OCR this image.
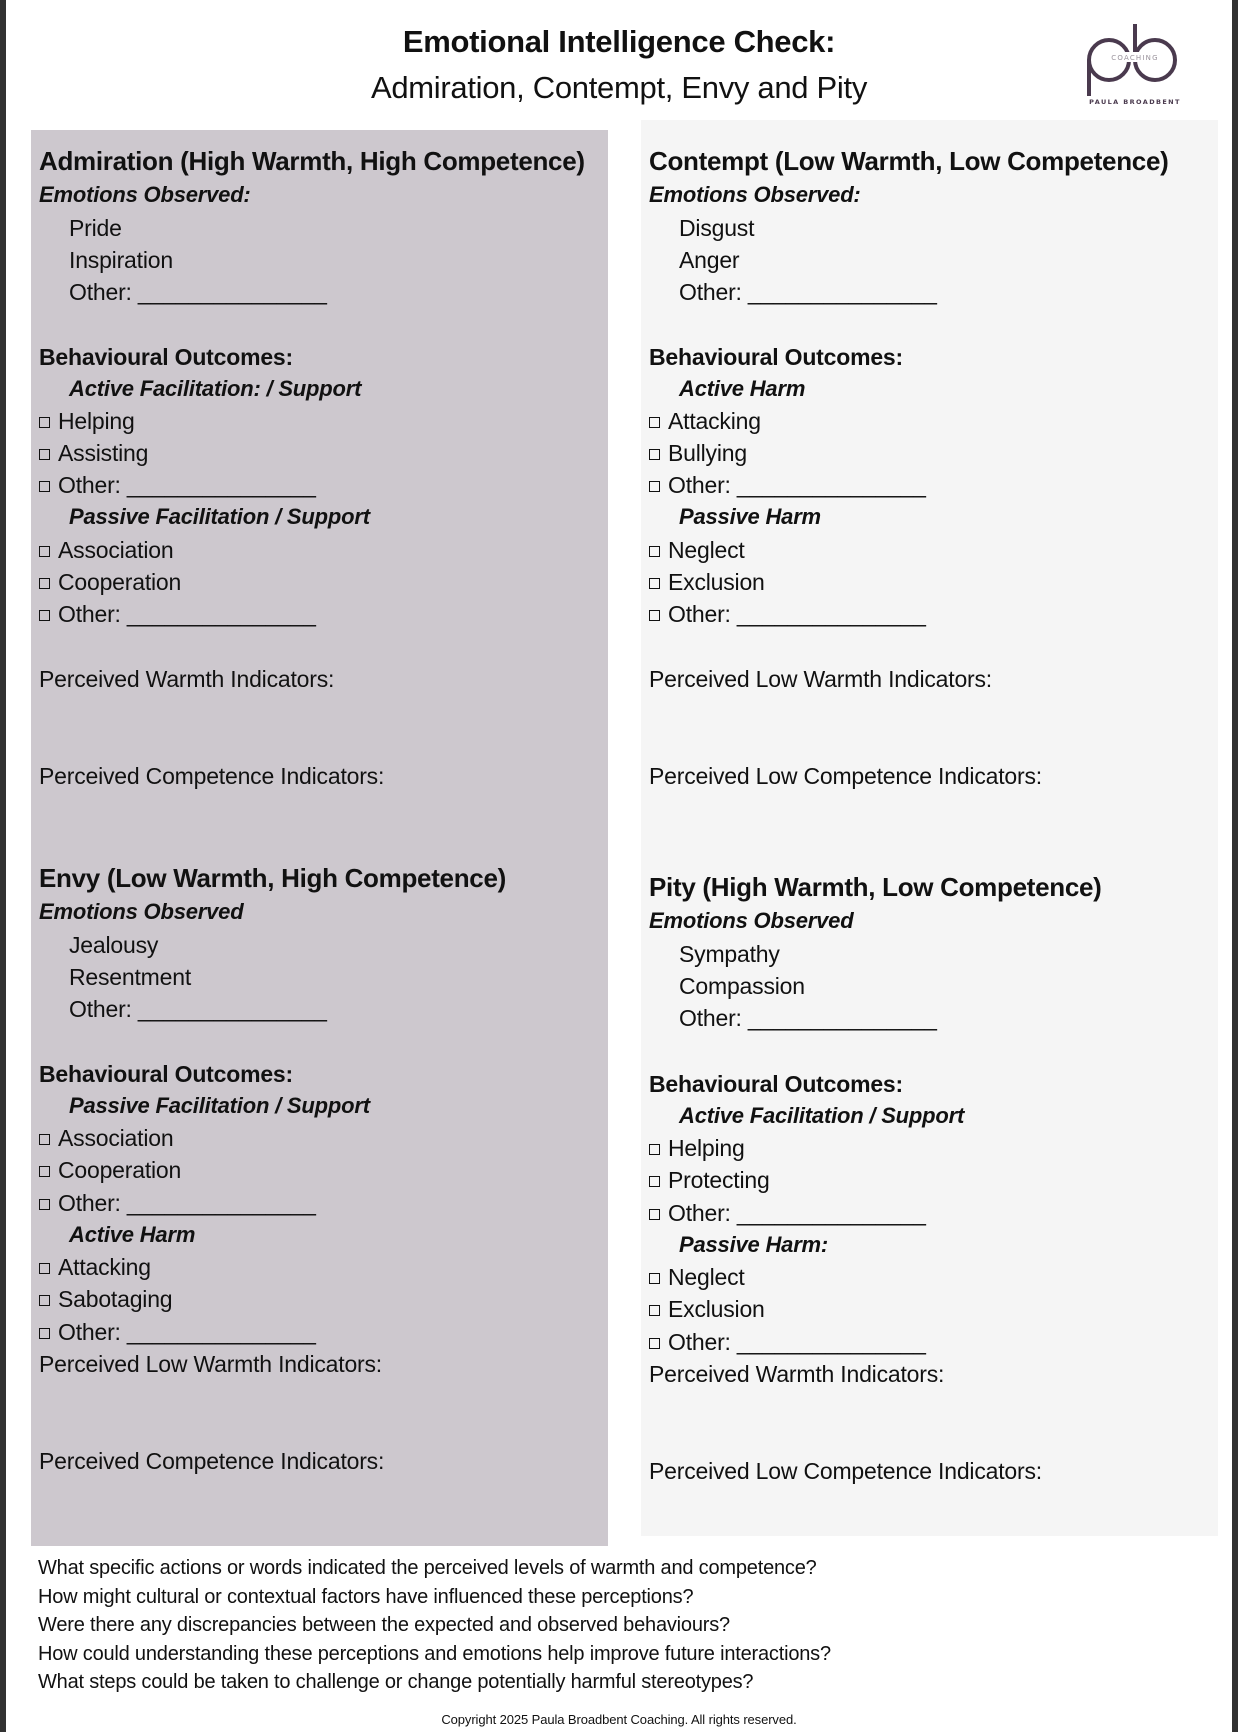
Emotional Intelligence Check:
Admiration, Contempt, Envy and Pity
COACHING
PAULA BROADBENT
Admiration (High Warmth, High Competence)
Emotions Observed:
Pride
Inspiration
Other: _______________
Behavioural Outcomes:
Active Facilitation: / Support
Helping
Assisting
Other: _______________
Passive Facilitation / Support
Association
Cooperation
Other: _______________
Perceived Warmth Indicators:
Perceived Competence Indicators:
Envy (Low Warmth, High Competence)
Emotions Observed
Jealousy
Resentment
Other: _______________
Behavioural Outcomes:
Passive Facilitation / Support
Association
Cooperation
Other: _______________
Active Harm
Attacking
Sabotaging
Other: _______________
Perceived Low Warmth Indicators:
Perceived Competence Indicators:
Contempt (Low Warmth, Low Competence)
Emotions Observed:
Disgust
Anger
Other: _______________
Behavioural Outcomes:
Active Harm
Attacking
Bullying
Other: _______________
Passive Harm
Neglect
Exclusion
Other: _______________
Perceived Low Warmth Indicators:
Perceived Low Competence Indicators:
Pity (High Warmth, Low Competence)
Emotions Observed
Sympathy
Compassion
Other: _______________
Behavioural Outcomes:
Active Facilitation / Support
Helping
Protecting
Other: _______________
Passive Harm:
Neglect
Exclusion
Other: _______________
Perceived Warmth Indicators:
Perceived Low Competence Indicators:
What specific actions or words indicated the perceived levels of warmth and competence?
How might cultural or contextual factors have influenced these perceptions?
Were there any discrepancies between the expected and observed behaviours?
How could understanding these perceptions and emotions help improve future interactions?
What steps could be taken to challenge or change potentially harmful stereotypes?
Copyright 2025 Paula Broadbent Coaching. All rights reserved.
